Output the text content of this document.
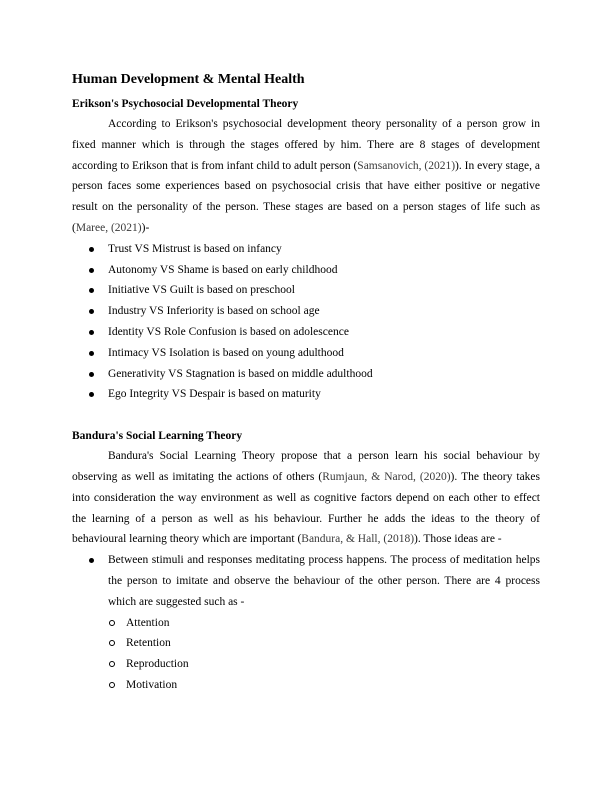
Human Development & Mental Health
Erikson's Psychosocial Developmental Theory

According to Erikson's psychosocial development theory personality of a person grow in fixed manner which is through the stages offered by him. There are 8 stages of development according to Erikson that is from infant child to adult person (Samsanovich, (2021)). In every stage, a person faces some experiences based on psychosocial crisis that have either positive or negative result on the personality of the person. These stages are based on a person stages of life such as (Maree, (2021))-

Trust VS Mistrust is based on infancy
Autonomy VS Shame is based on early childhood
Initiative VS Guilt is based on preschool
Industry VS Inferiority is based on school age
Identity VS Role Confusion is based on adolescence
Intimacy VS Isolation is based on young adulthood
Generativity VS Stagnation is based on middle adulthood
Ego Integrity VS Despair is based on maturity
Bandura's Social Learning Theory

Bandura's Social Learning Theory propose that a person learn his social behaviour by observing as well as imitating the actions of others (Rumjaun, & Narod, (2020)). The theory takes into consideration the way environment as well as cognitive factors depend on each other to effect the learning of a person as well as his behaviour. Further he adds the ideas to the theory of behavioural learning theory which are important (Bandura, & Hall, (2018)). Those ideas are -

Between stimuli and responses meditating process happens. The process of meditation helps the person to imitate and observe the behaviour of the other person. There are 4 process which are suggested such as -
Attention
Retention
Reproduction
Motivation
